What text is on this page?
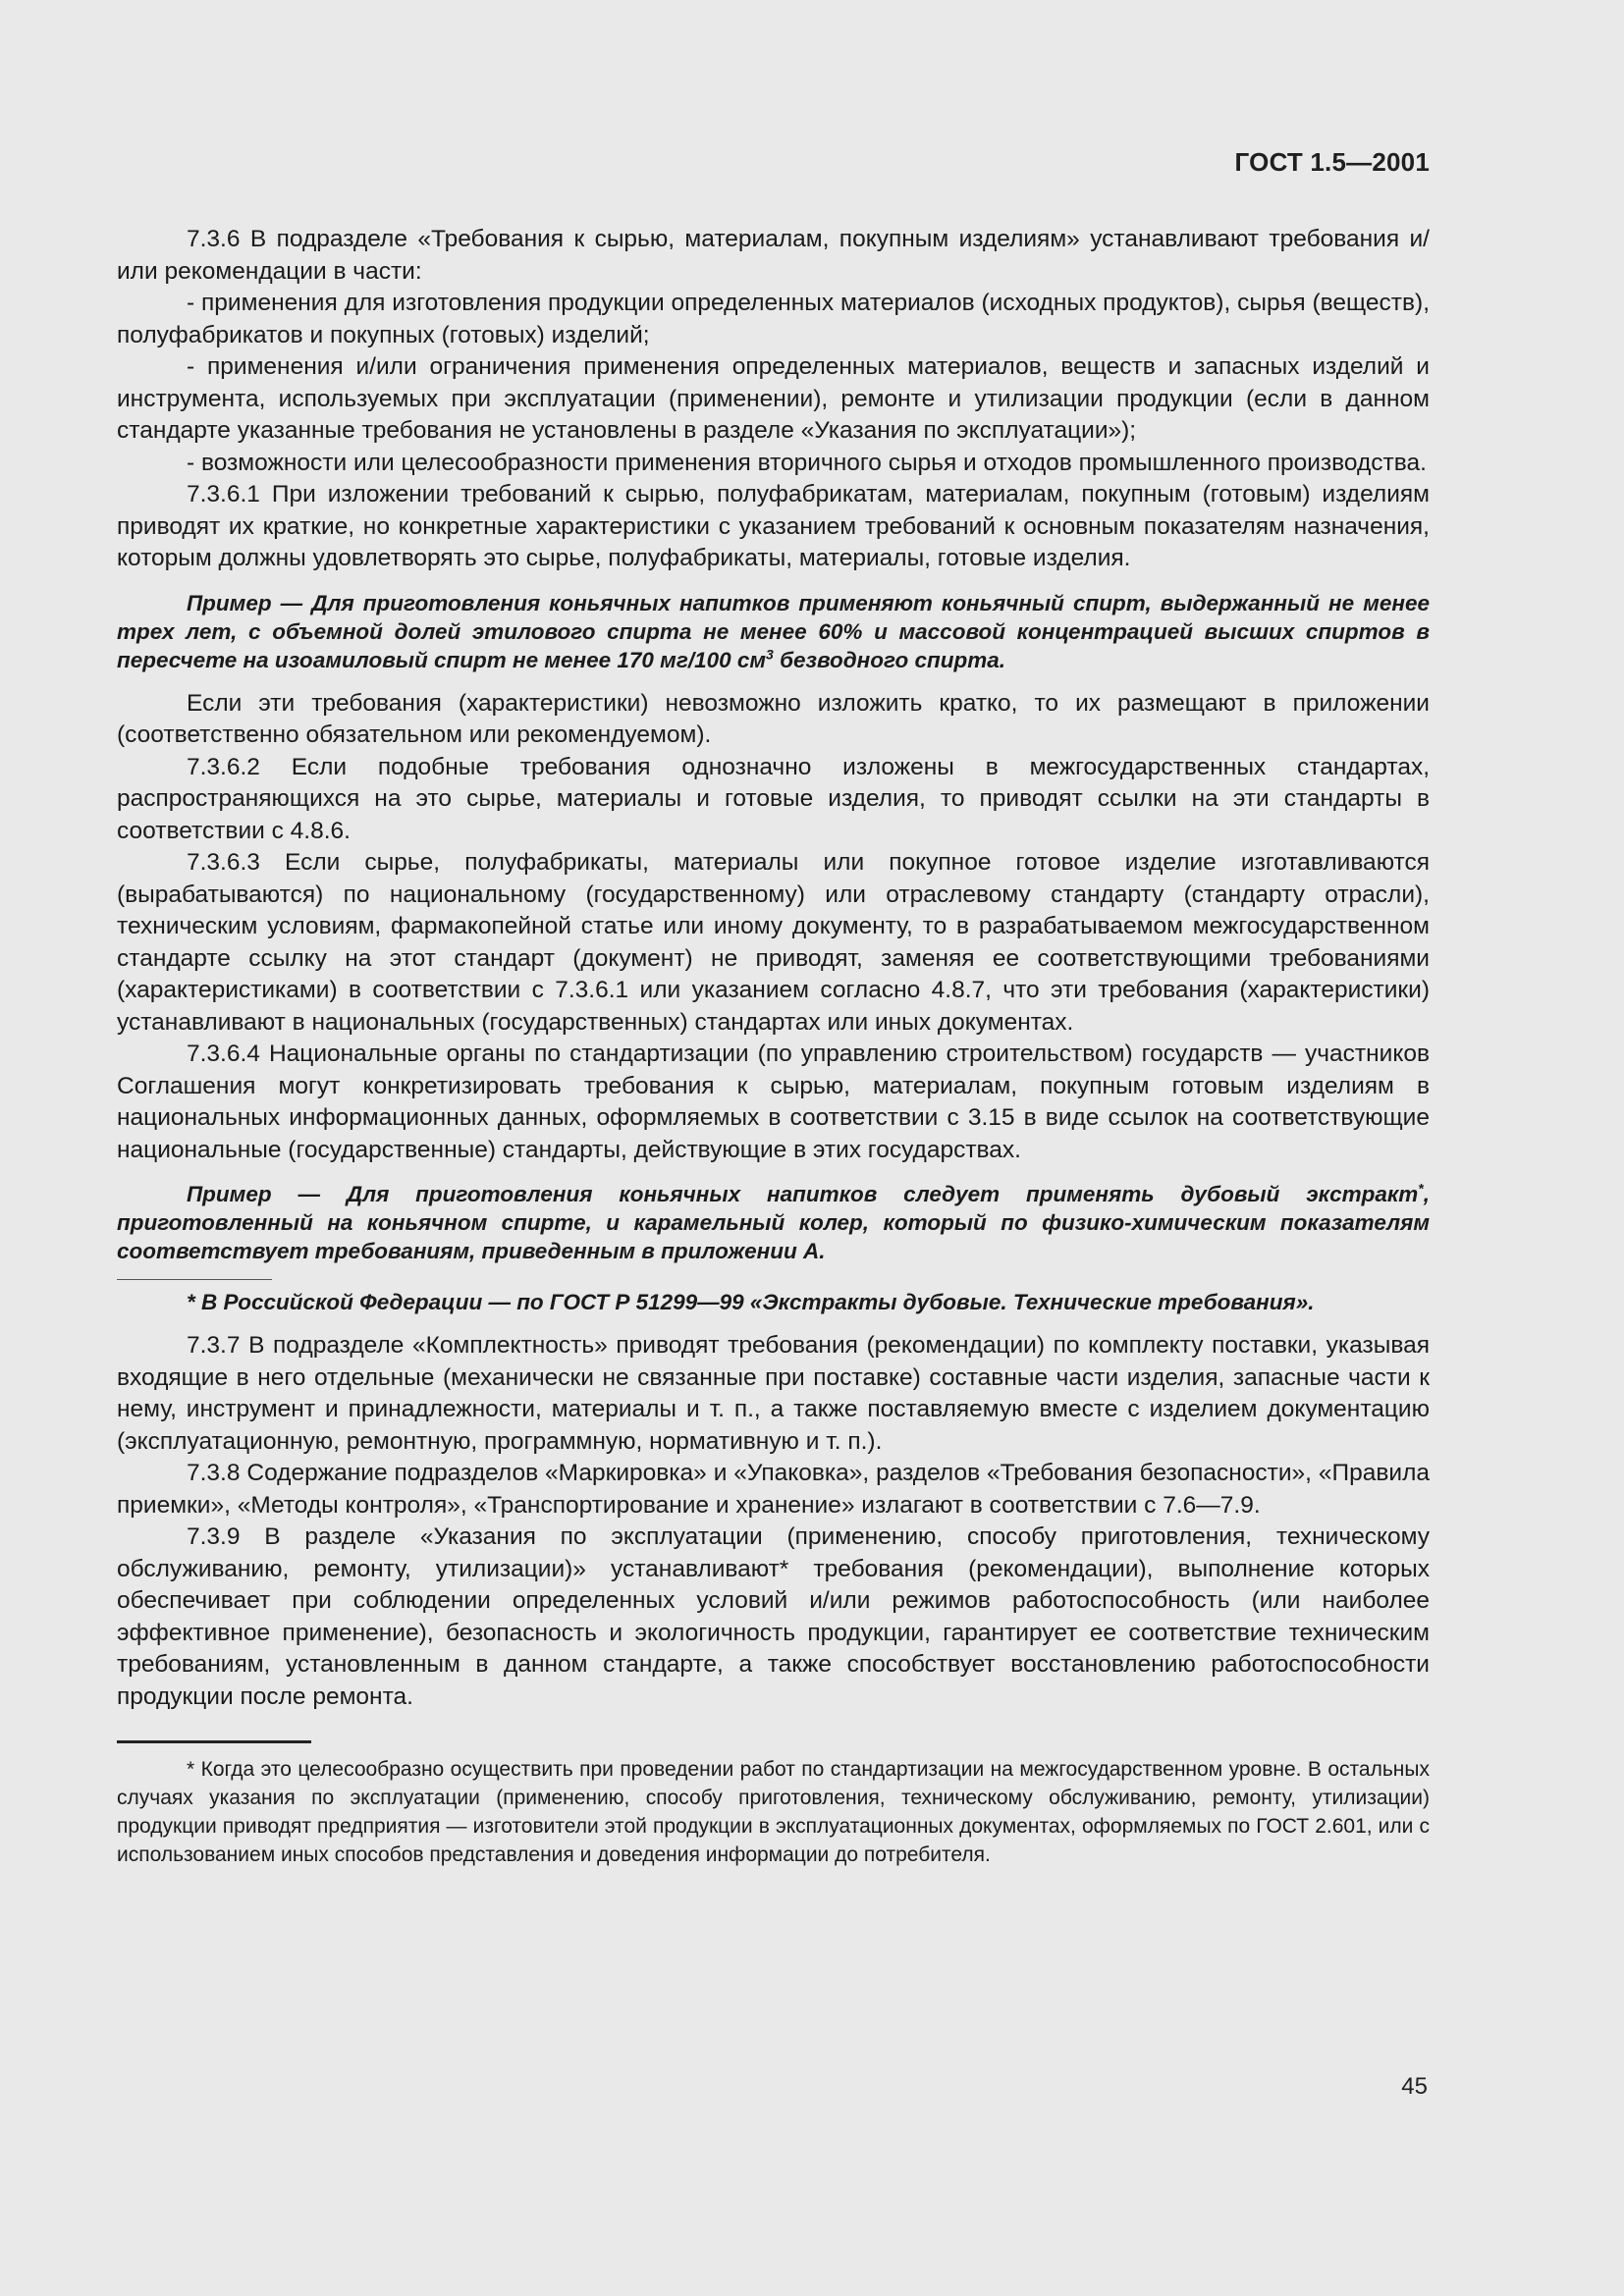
ГОСТ 1.5—2001

7.3.6 В подразделе «Требования к сырью, материалам, покупным изделиям» устанавливают требования и/или рекомендации в части:

- применения для изготовления продукции определенных материалов (исходных продуктов), сырья (веществ), полуфабрикатов и покупных (готовых) изделий;

- применения и/или ограничения применения определенных материалов, веществ и запасных изделий и инструмента, используемых при эксплуатации (применении), ремонте и утилизации продукции (если в данном стандарте указанные требования не установлены в разделе «Указания по эксплуатации»);

- возможности или целесообразности применения вторичного сырья и отходов промышленного производства.

7.3.6.1 При изложении требований к сырью, полуфабрикатам, материалам, покупным (готовым) изделиям приводят их краткие, но конкретные характеристики с указанием требований к основным показателям назначения, которым должны удовлетворять это сырье, полуфабрикаты, материалы, готовые изделия.

Пример — Для приготовления коньячных напитков применяют коньячный спирт, выдержанный не менее трех лет, с объемной долей этилового спирта не менее 60% и массовой концентрацией высших спиртов в пересчете на изоамиловый спирт не менее 170 мг/100 $см^3$ безводного спирта.

Если эти требования (характеристики) невозможно изложить кратко, то их размещают в приложении (соответственно обязательном или рекомендуемом).

7.3.6.2 Если подобные требования однозначно изложены в межгосударственных стандартах, распространяющихся на это сырье, материалы и готовые изделия, то приводят ссылки на эти стандарты в соответствии с 4.8.6.

7.3.6.3 Если сырье, полуфабрикаты, материалы или покупное готовое изделие изготавливаются (вырабатываются) по национальному (государственному) или отраслевому стандарту (стандарту отрасли), техническим условиям, фармакопейной статье или иному документу, то в разрабатываемом межгосударственном стандарте ссылку на этот стандарт (документ) не приводят, заменяя ее соответствующими требованиями (характеристиками) в соответствии с 7.3.6.1 или указанием согласно 4.8.7, что эти требования (характеристики) устанавливают в национальных (государственных) стандартах или иных документах.

7.3.6.4 Национальные органы по стандартизации (по управлению строительством) государств — участников Соглашения могут конкретизировать требования к сырью, материалам, покупным готовым изделиям в национальных информационных данных, оформляемых в соответствии с 3.15 в виде ссылок на соответствующие национальные (государственные) стандарты, действующие в этих государствах.

Пример — Для приготовления коньячных напитков следует применять дубовый экстракт*, приготовленный на коньячном спирте, и карамельный колер, который по физико-химическим показателям соответствует требованиям, приведенным в приложении А.

* В Российской Федерации — по ГОСТ Р 51299—99 «Экстракты дубовые. Технические требования».

7.3.7 В подразделе «Комплектность» приводят требования (рекомендации) по комплекту поставки, указывая входящие в него отдельные (механически не связанные при поставке) составные части изделия, запасные части к нему, инструмент и принадлежности, материалы и т. п., а также поставляемую вместе с изделием документацию (эксплуатационную, ремонтную, программную, нормативную и т. п.).

7.3.8 Содержание подразделов «Маркировка» и «Упаковка», разделов «Требования безопасности», «Правила приемки», «Методы контроля», «Транспортирование и хранение» излагают в соответствии с 7.6—7.9.

7.3.9 В разделе «Указания по эксплуатации (применению, способу приготовления, техническому обслуживанию, ремонту, утилизации)» устанавливают* требования (рекомендации), выполнение которых обеспечивает при соблюдении определенных условий и/или режимов работоспособность (или наиболее эффективное применение), безопасность и экологичность продукции, гарантирует ее соответствие техническим требованиям, установленным в данном стандарте, а также способствует восстановлению работоспособности продукции после ремонта.

* Когда это целесообразно осуществить при проведении работ по стандартизации на межгосударственном уровне. В остальных случаях указания по эксплуатации (применению, способу приготовления, техническому обслуживанию, ремонту, утилизации) продукции приводят предприятия — изготовители этой продукции в эксплуатационных документах, оформляемых по ГОСТ 2.601, или с использованием иных способов представления и доведения информации до потребителя.

45
